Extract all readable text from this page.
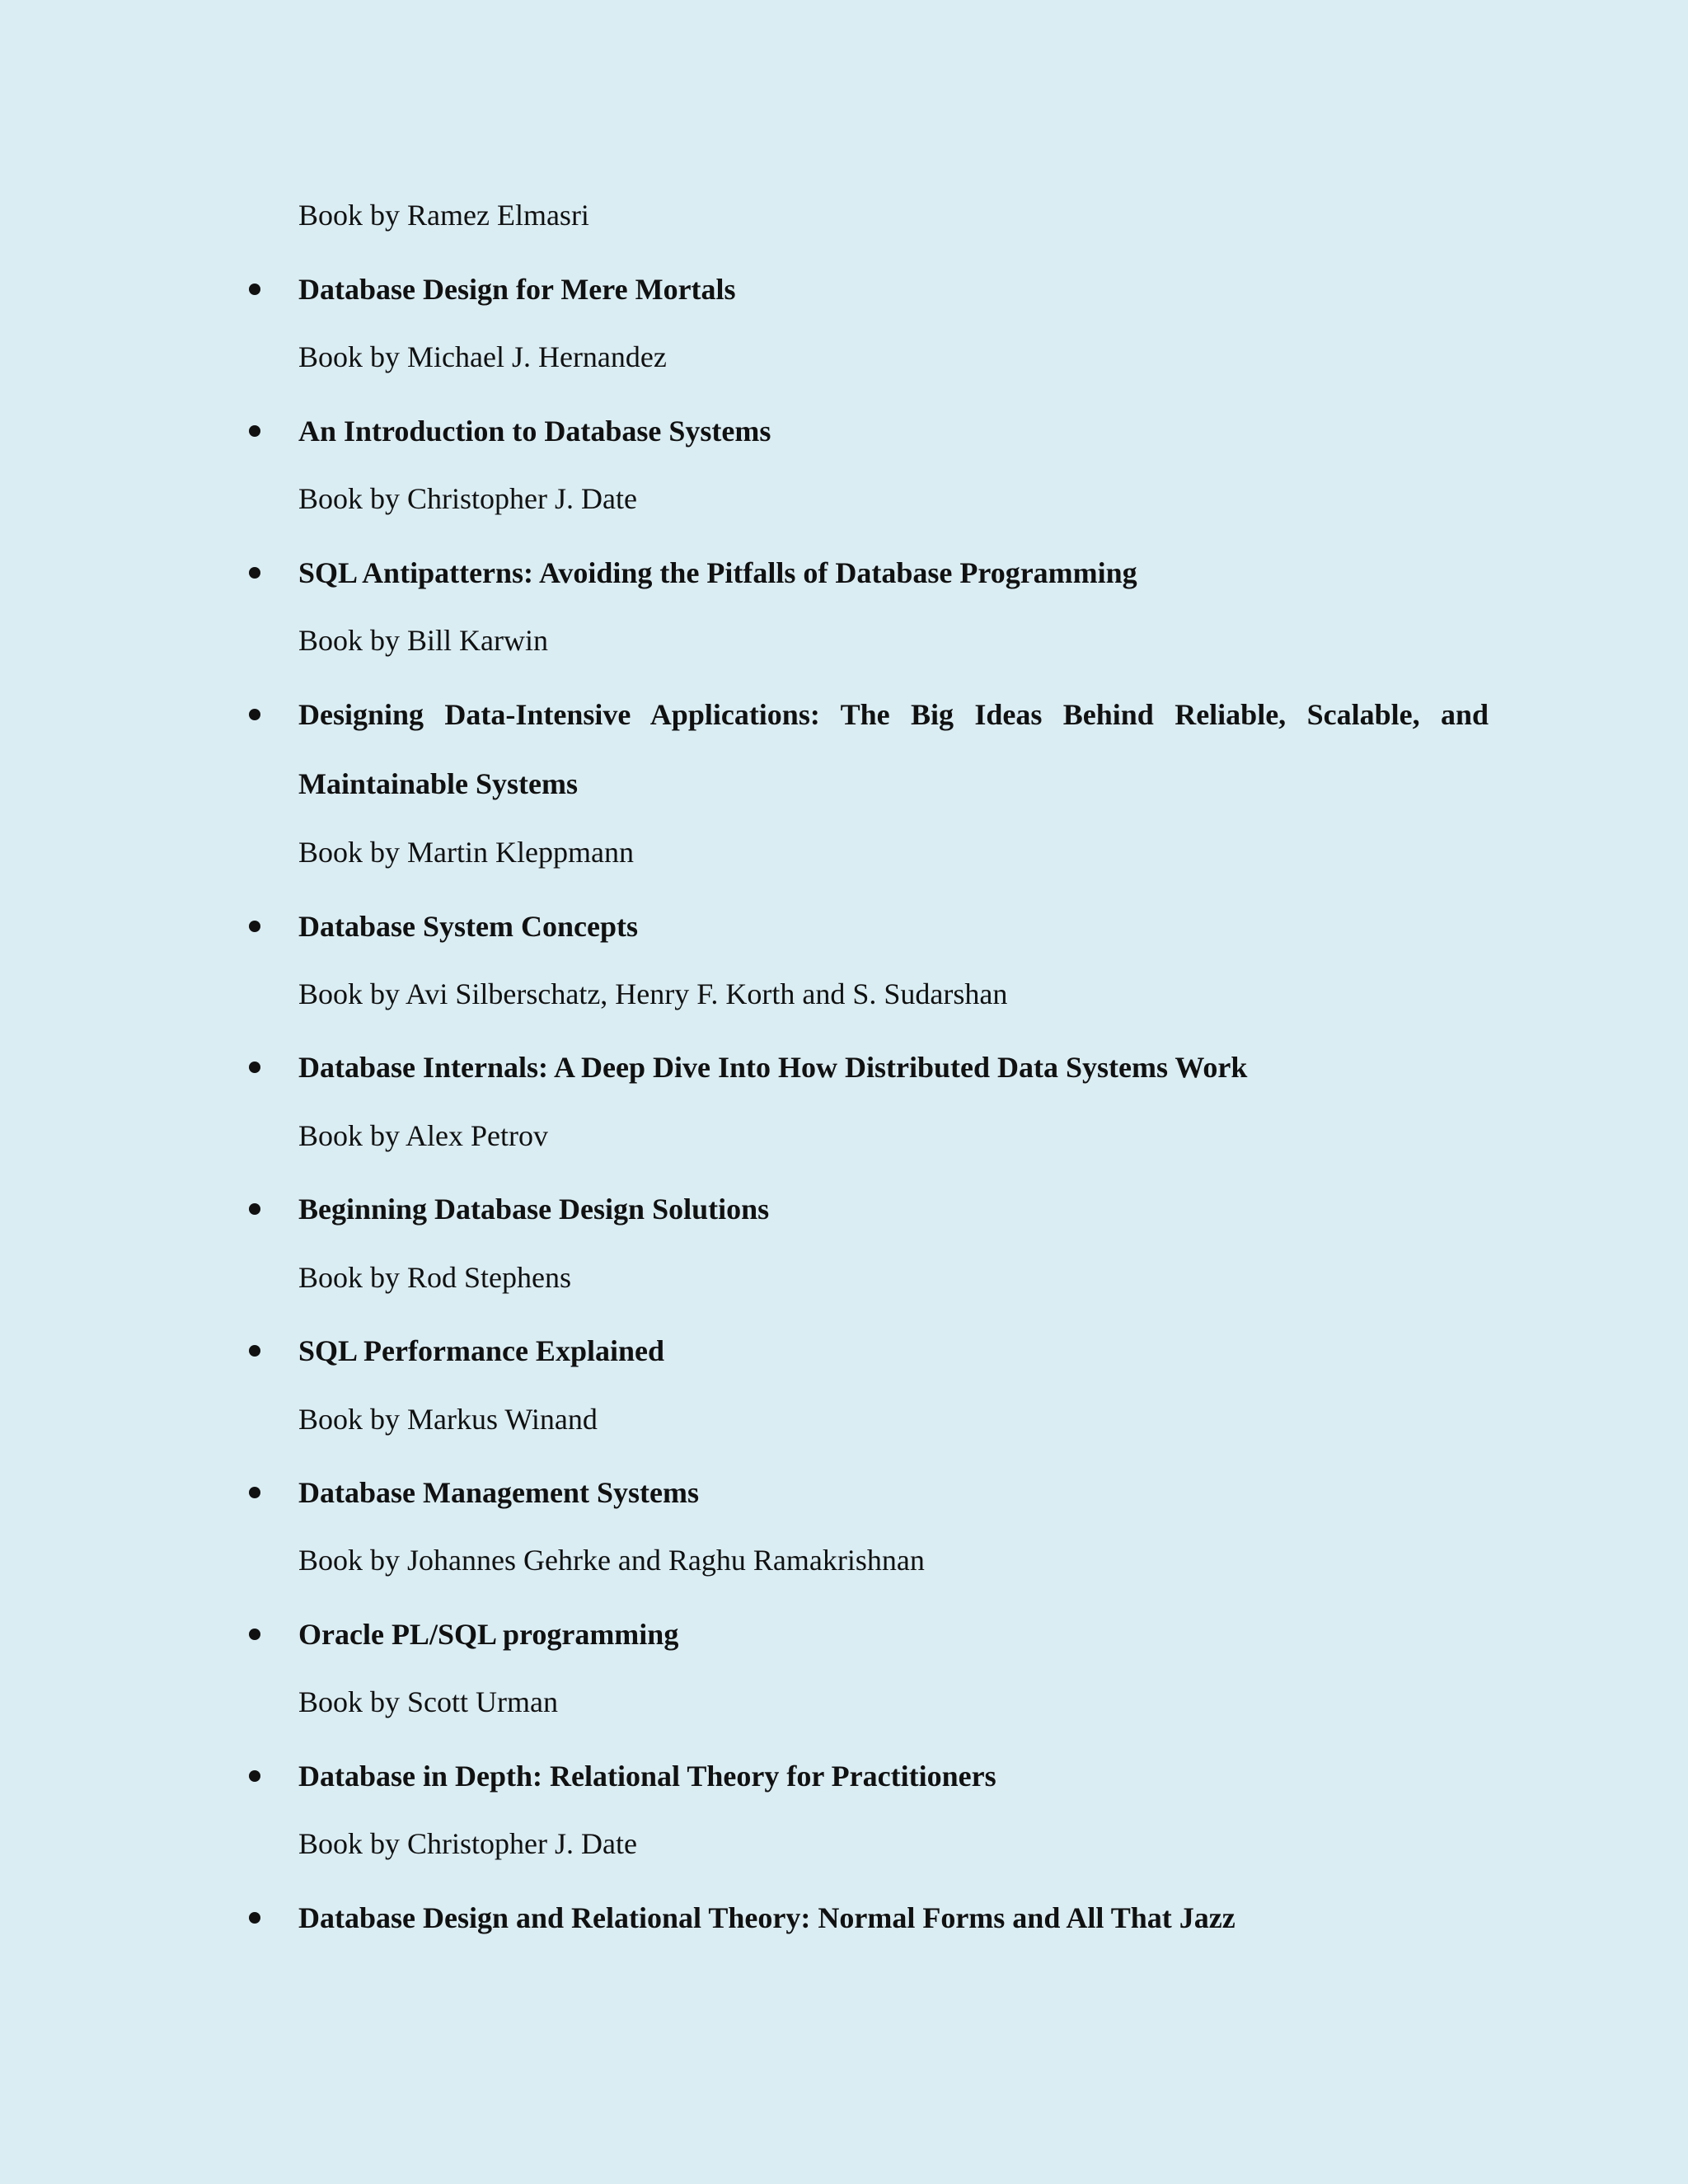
Book by Ramez Elmasri
Database Design for Mere Mortals
Book by Michael J. Hernandez
An Introduction to Database Systems
Book by Christopher J. Date
SQL Antipatterns: Avoiding the Pitfalls of Database Programming
Book by Bill Karwin
Designing Data-Intensive Applications: The Big Ideas Behind Reliable, Scalable, and
Maintainable Systems
Book by Martin Kleppmann
Database System Concepts
Book by Avi Silberschatz, Henry F. Korth and S. Sudarshan
Database Internals: A Deep Dive Into How Distributed Data Systems Work
Book by Alex Petrov
Beginning Database Design Solutions
Book by Rod Stephens
SQL Performance Explained
Book by Markus Winand
Database Management Systems
Book by Johannes Gehrke and Raghu Ramakrishnan
Oracle PL/SQL programming
Book by Scott Urman
Database in Depth: Relational Theory for Practitioners
Book by Christopher J. Date
Database Design and Relational Theory: Normal Forms and All That Jazz
